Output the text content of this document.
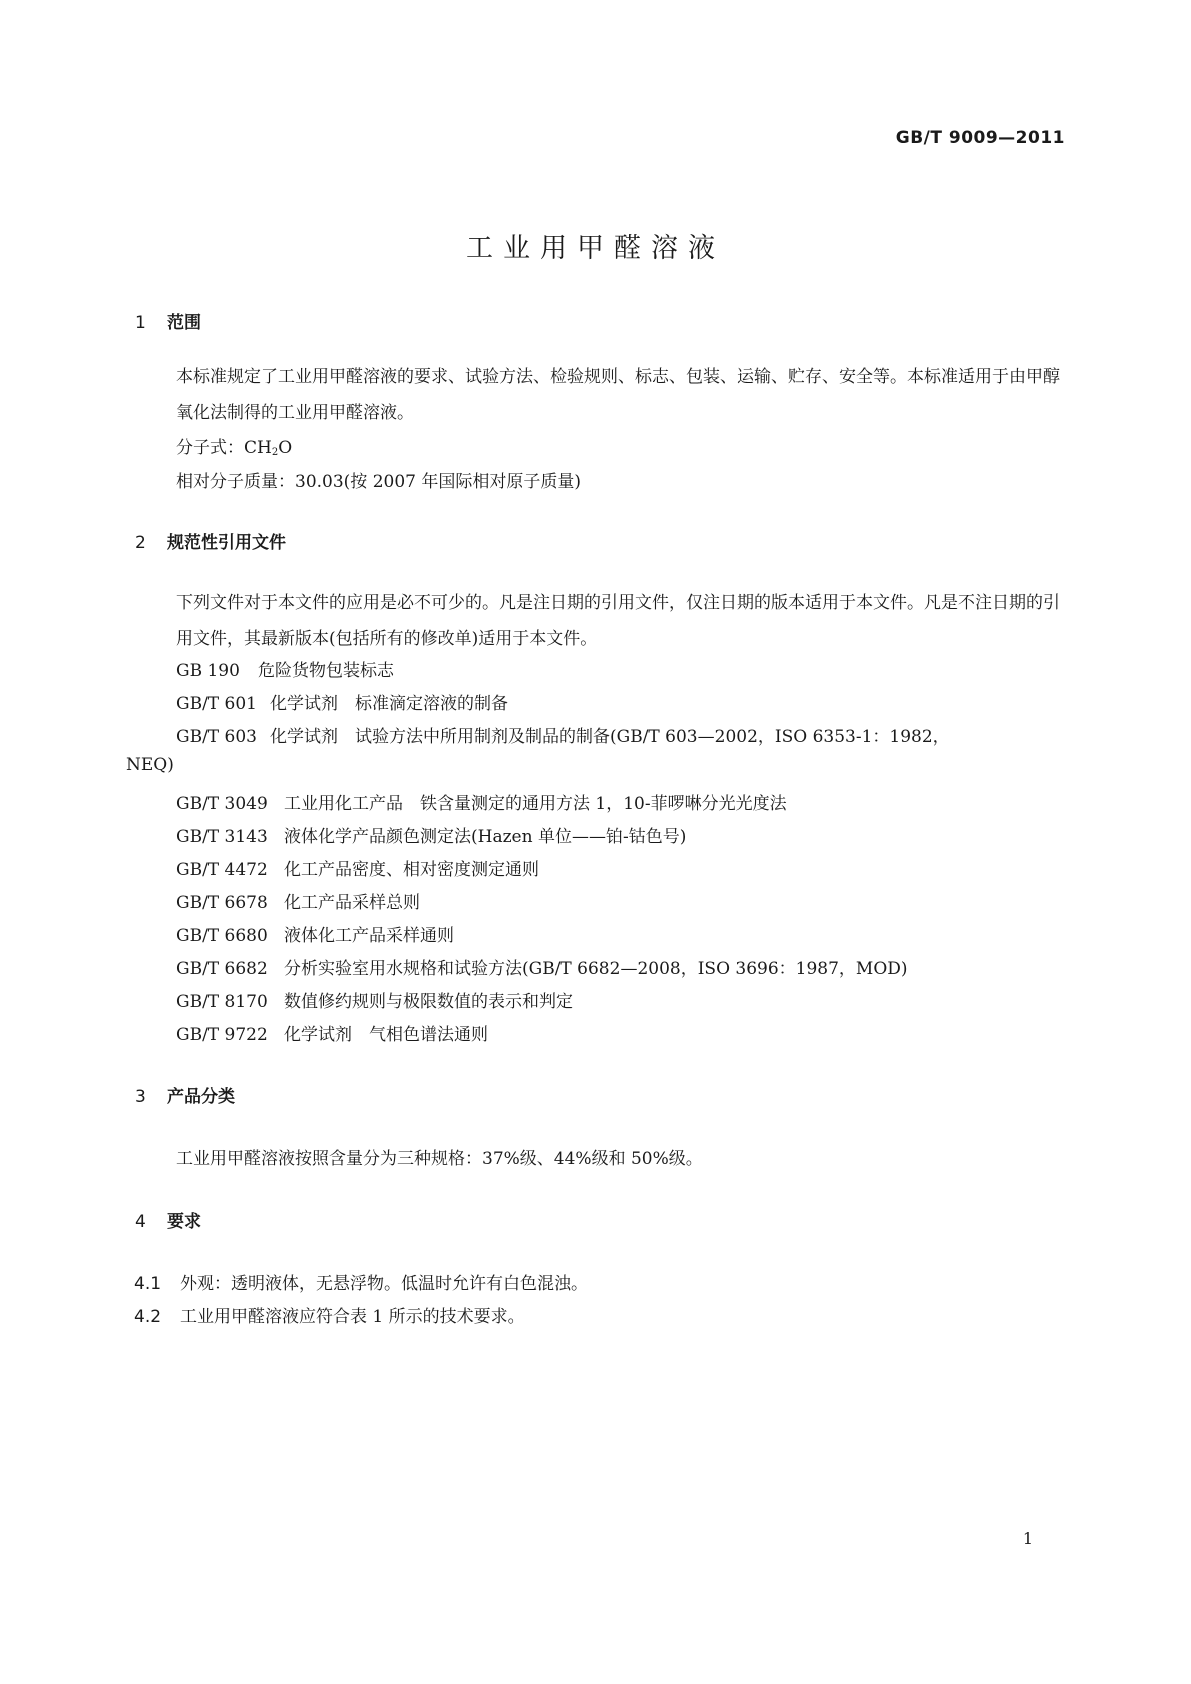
GB/T 9009—2011
工业用甲醛溶液
1 范围
本标准规定了工业用甲醛溶液的要求、试验方法、检验规则、标志、包装、运输、贮存、安全等。本标准适用于由甲醇氧化法制得的工业用甲醛溶液。
分子式：$CH_2O$
相对分子质量：30.03(按 2007 年国际相对原子质量)
2 规范性引用文件
下列文件对于本文件的应用是必不可少的。凡是注日期的引用文件，仅注日期的版本适用于本文件。凡是不注日期的引用文件，其最新版本(包括所有的修改单)适用于本文件。
GB 190 危险货物包装标志
GB/T 601 化学试剂　标准滴定溶液的制备
GB/T 603 化学试剂　试验方法中所用制剂及制品的制备(GB/T 603—2002，ISO 6353-1：1982，
NEQ)
GB/T 3049 工业用化工产品　铁含量测定的通用方法 1，10-菲啰啉分光光度法
GB/T 3143 液体化学产品颜色测定法(Hazen 单位——铂-钴色号)
GB/T 4472 化工产品密度、相对密度测定通则
GB/T 6678 化工产品采样总则
GB/T 6680 液体化工产品采样通则
GB/T 6682 分析实验室用水规格和试验方法(GB/T 6682—2008，ISO 3696：1987，MOD)
GB/T 8170 数值修约规则与极限数值的表示和判定
GB/T 9722 化学试剂　气相色谱法通则
3 产品分类
工业用甲醛溶液按照含量分为三种规格：37%级、44%级和 50%级。
4 要求
4.1 外观：透明液体，无悬浮物。低温时允许有白色混浊。
4.2 工业用甲醛溶液应符合表 1 所示的技术要求。
1
